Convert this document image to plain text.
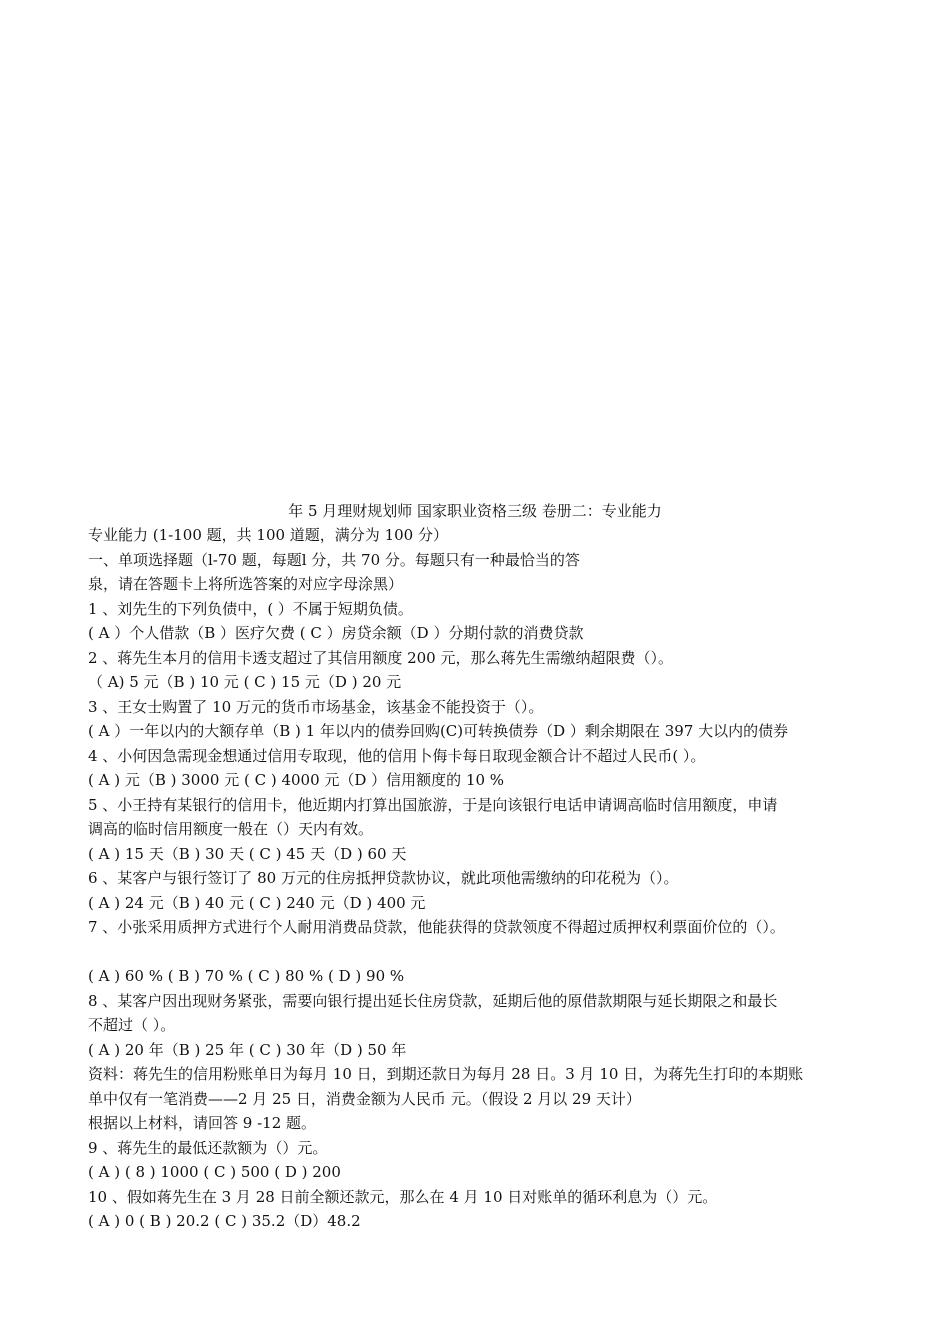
年 5 月理财规划师 国家职业资格三级 卷册二：专业能力
专业能力 (1-100 题，共 100 道题，满分为 100 分）
一、单项选择题（l-70 题，每题l 分，共 70 分。每题只有一种最恰当的答
泉，请在答题卡上将所选答案的对应字母涂黑）
1 、刘先生的下列负债中，( ）不属于短期负债。
( A ）个人借款（B ）医疗欠费 ( C ）房贷余额（D ）分期付款的消费贷款
2 、蒋先生本月的信用卡透支超过了其信用额度 200 元，那么蒋先生需缴纳超限费（）。
（ A) 5 元（B ) 10 元 ( C ) 15 元（D ) 20 元
3 、王女士购置了 10 万元的货币市场基金，该基金不能投资于（）。
( A ）一年以内的大额存单（B ) 1 年以内的债券回购(C)可转换债券（D ）剩余期限在 397 大以内的债券
4 、小何因急需现金想通过信用专取现，他的信用卜侮卡每日取现金额合计不超过人民币( ）。
( A ) 元（B ) 3000 元 ( C ) 4000 元（D ）信用额度的 10 %
5 、小王持有某银行的信用卡，他近期内打算出国旅游，于是向该银行电话申请调高临时信用额度，申请
调高的临时信用额度一般在（）天内有效。
( A ) 15 天（B ) 30 天 ( C ) 45 天（D ) 60 天
6 、某客户与银行签订了 80 万元的住房抵押贷款协议，就此项他需缴纳的印花税为（）。
( A ) 24 元（B ) 40 元 ( C ) 240 元（D ) 400 元
7 、小张采用质押方式进行个人耐用消费品贷款，他能获得的贷款领度不得超过质押权利票面价位的（）。
( A ) 60 % ( B ) 70 % ( C ) 80 % ( D ) 90 %
8 、某客户因出现财务紧张，需要向银行提出延长住房贷款，延期后他的原借款期限与延长期限之和最长
不超过（ ）。
( A ) 20 年（B ) 25 年 ( C ) 30 年（D ) 50 年
资料：蒋先生的信用粉账单日为每月 10 日，到期还款日为每月 28 日。3 月 10 日，为蒋先生打印的本期账
单中仅有一笔消费——2 月 25 日，消费金额为人民币 元。（假设 2 月以 29 天计）
根据以上材料，请回答 9 -12 题。
9 、蒋先生的最低还款额为（）元。
( A ) ( 8 ) 1000 ( C ) 500 ( D ) 200
10 、假如蒋先生在 3 月 28 日前全额还款元，那么在 4 月 10 日对账单的循环利息为（）元。
( A ) 0 ( B ) 20.2 ( C ) 35.2（D）48.2
